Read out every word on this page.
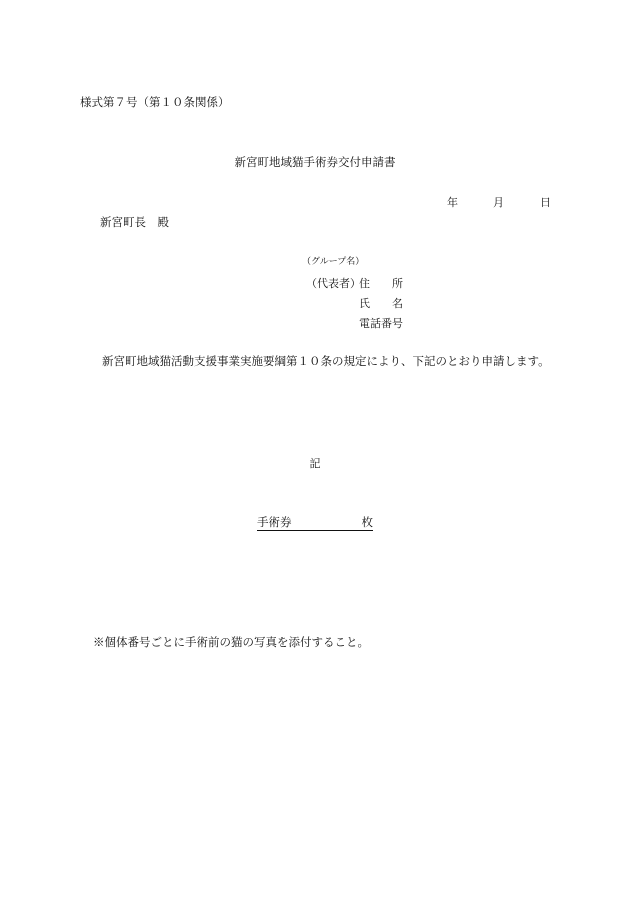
様式第７号（第１０条関係）
新宮町地域猫手術券交付申請書
年	月	日
新宮町長　殿
（グループ名）
（代表者）
住　　所
氏　　名
電話番号
新宮町地域猫活動支援事業実施要綱第１０条の規定により、下記のとおり申請します。
記
手術券	枚
※個体番号ごとに手術前の猫の写真を添付すること。
